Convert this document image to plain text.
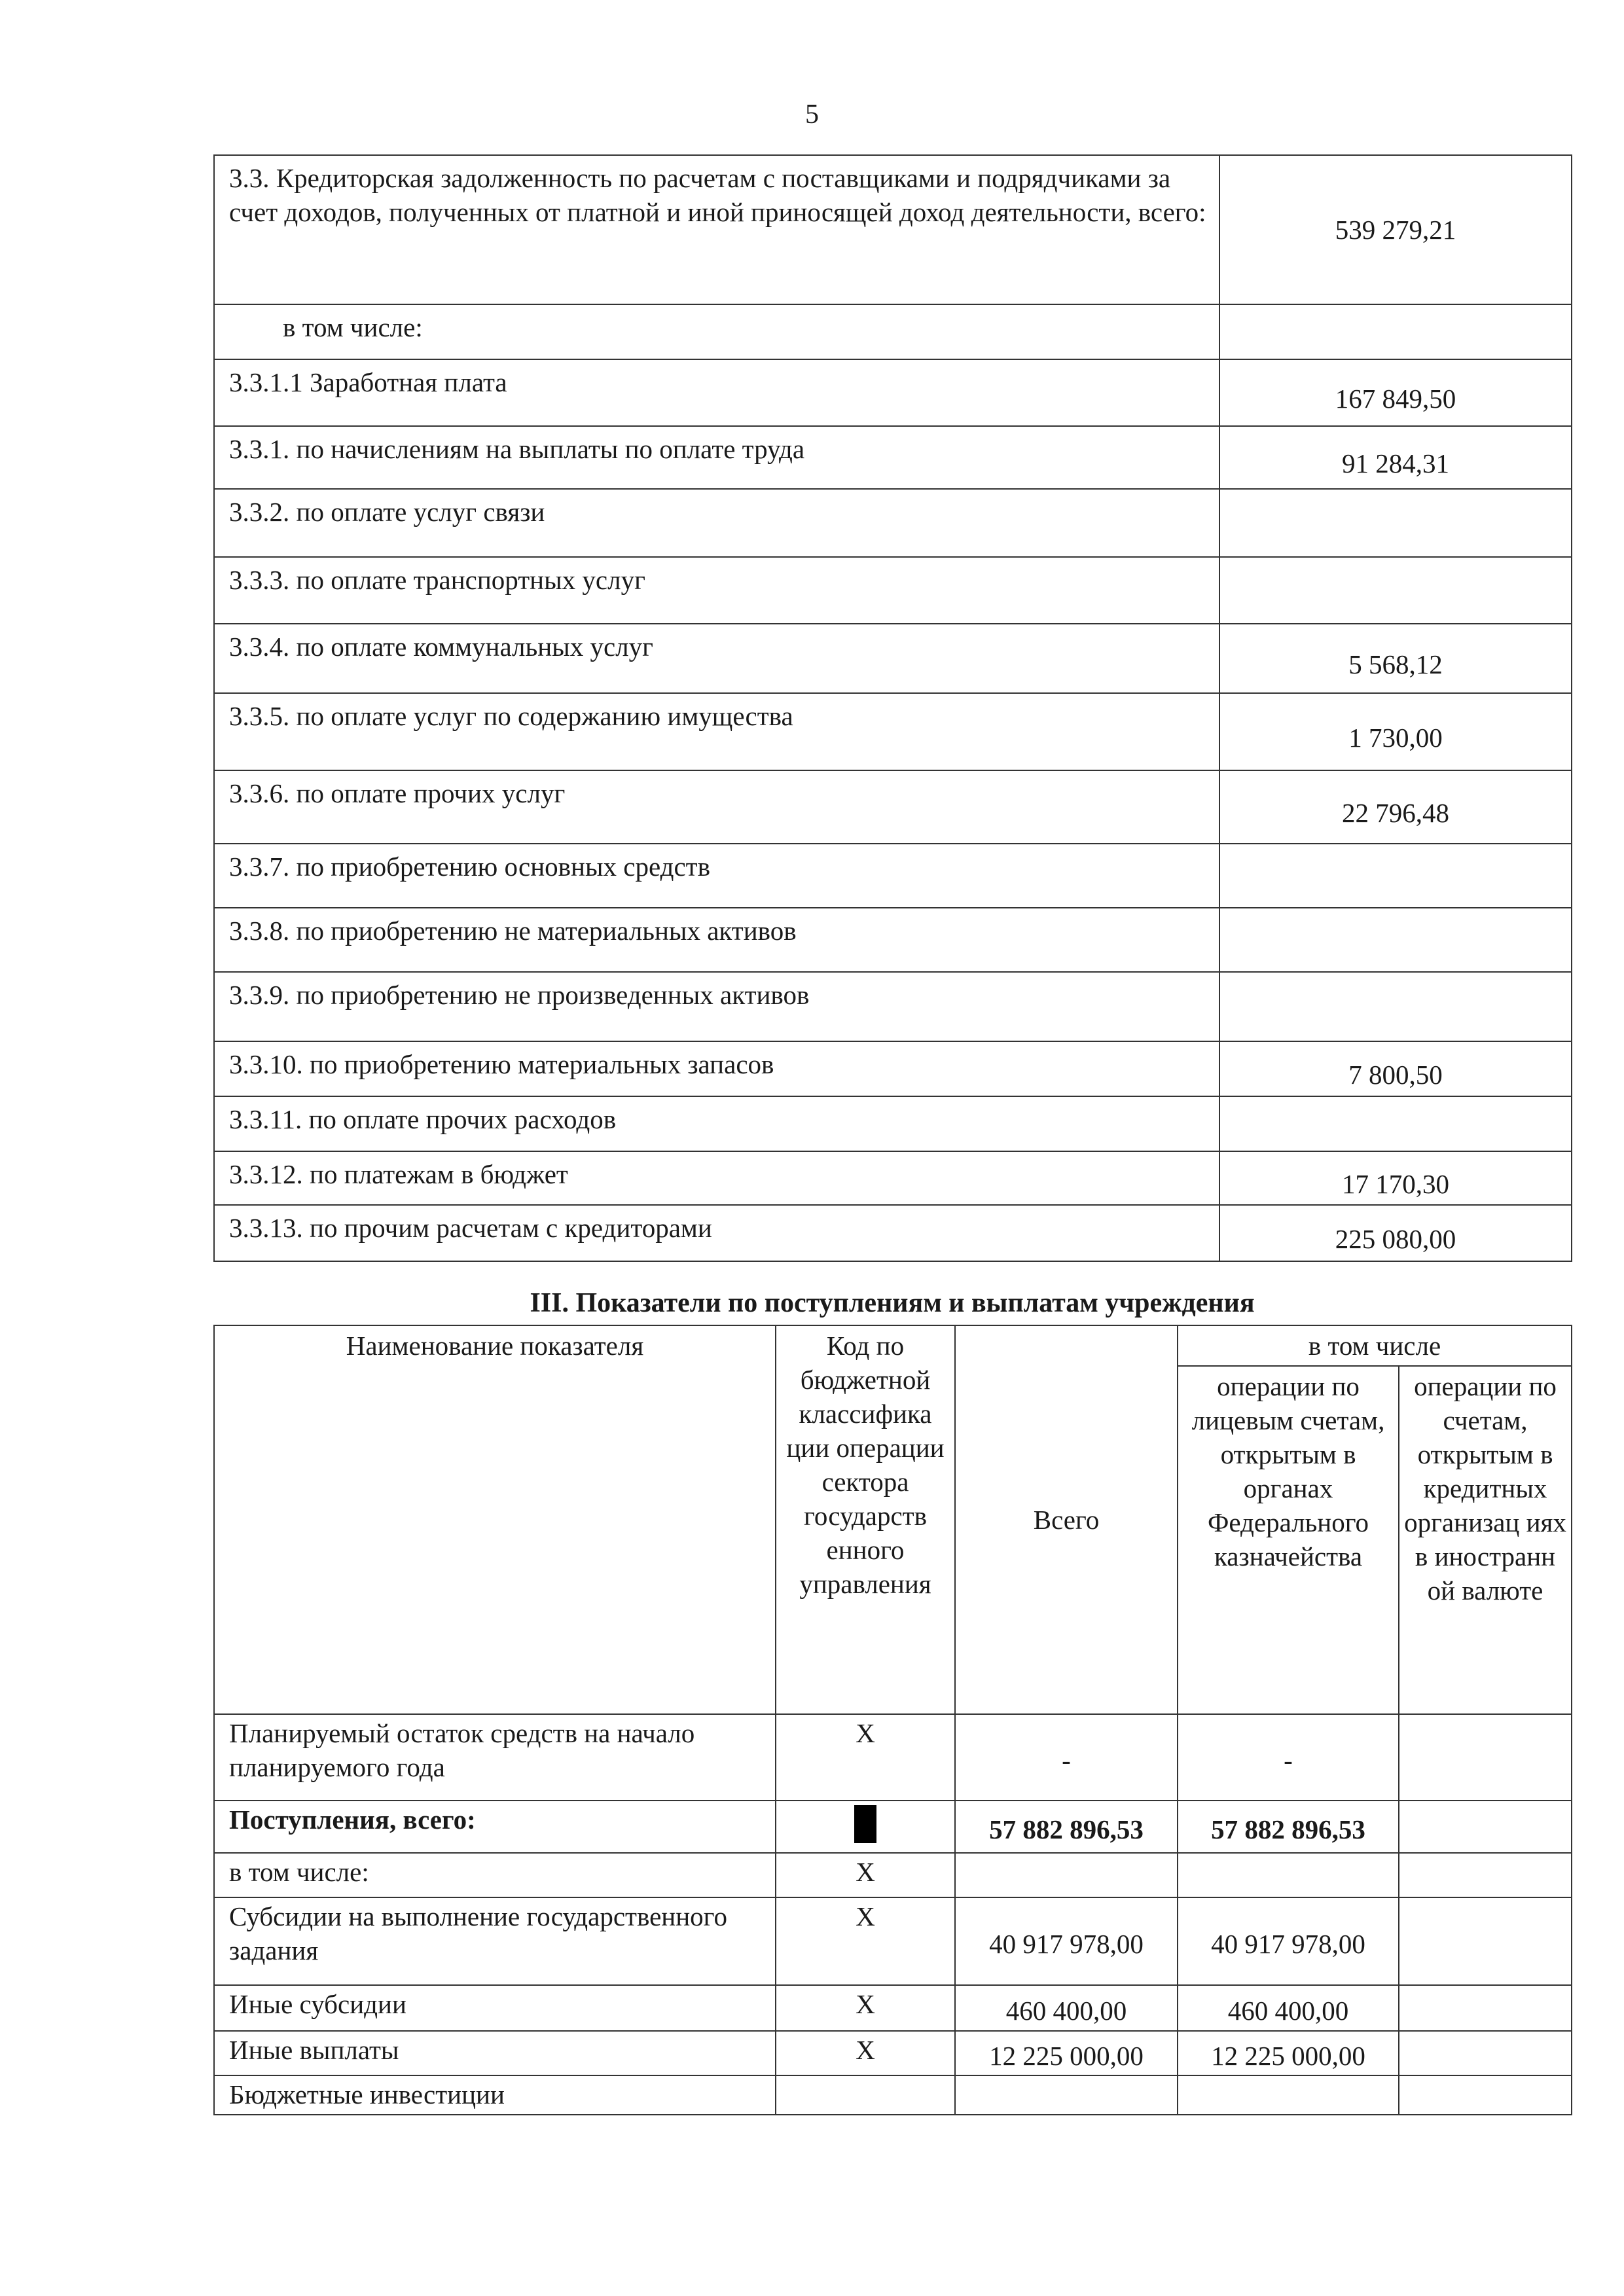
5
3.3. Кредиторская задолженность по расчетам с поставщиками и подрядчиками за счет доходов, полученных от платной и иной приносящей доход деятельности, всего:	539 279,21
в том числе:	
3.3.1.1 Заработная плата	167 849,50
3.3.1. по начислениям на выплаты по оплате труда	91 284,31
3.3.2. по оплате услуг связи	
3.3.3. по оплате транспортных услуг	
3.3.4. по оплате коммунальных услуг	5 568,12
3.3.5. по оплате услуг по содержанию имущества	1 730,00
3.3.6. по оплате прочих услуг	22 796,48
3.3.7. по приобретению основных средств	
3.3.8. по приобретению не материальных активов	
3.3.9. по приобретению не произведенных активов	
3.3.10. по приобретению материальных запасов	7 800,50
3.3.11. по оплате прочих расходов	
3.3.12. по платежам в бюджет	17 170,30
3.3.13. по прочим расчетам с кредиторами	225 080,00
III. Показатели по поступлениям и выплатам учреждения
Наименование показателя	Код по бюджетной классифика ции операции сектора государств енного управления	Всего	в том числе	
			операции по лицевым счетам, открытым в органах Федерального казначейства	операции по счетам, открытым в кредитных организац иях в иностранн ой валюте
Планируемый остаток средств на начало планируемого года	X	-	-	
Поступления, всего:		57 882 896,53	57 882 896,53	
в том числе:	X			
Субсидии на выполнение государственного задания	X	40 917 978,00	40 917 978,00	
Иные субсидии	X	460 400,00	460 400,00	
Иные выплаты	X	12 225 000,00	12 225 000,00	
Бюджетные инвестиции				
